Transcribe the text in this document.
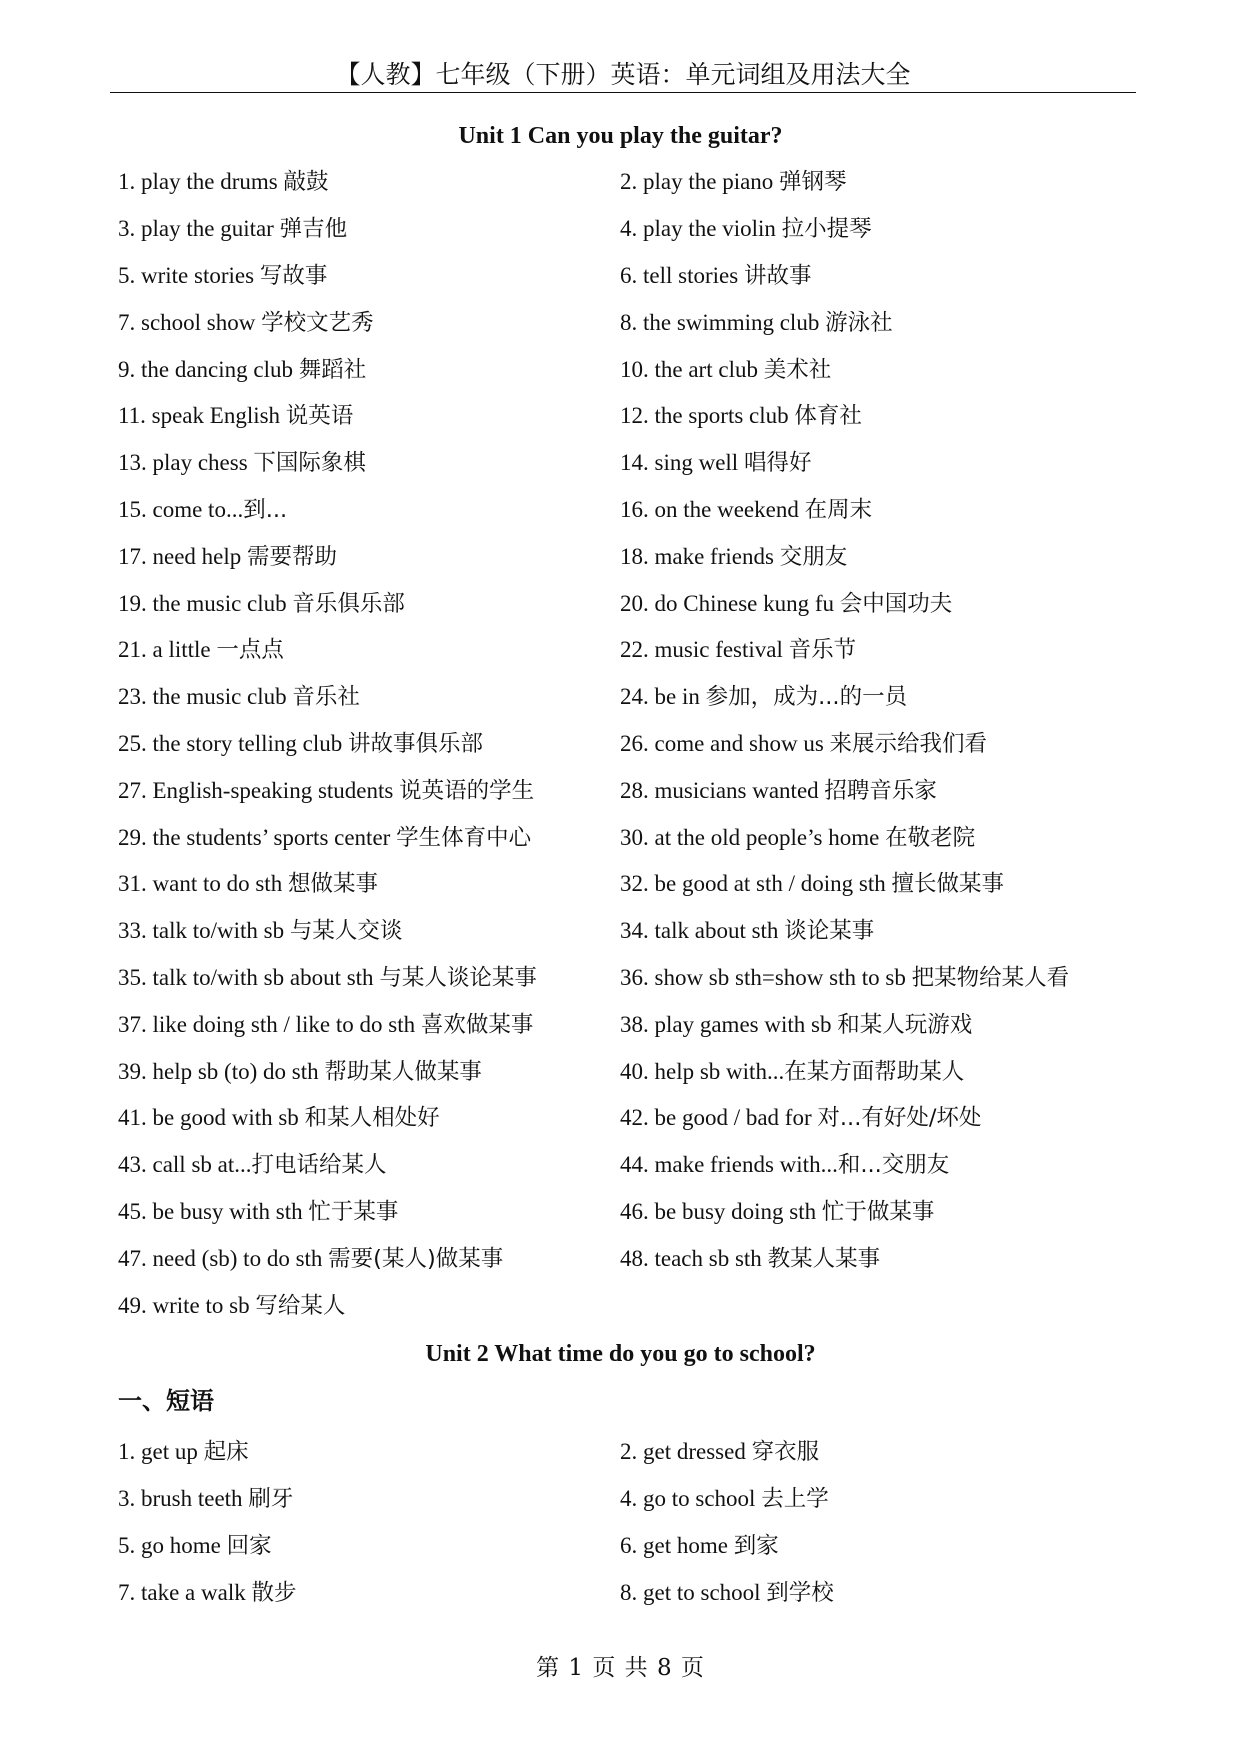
【人教】七年级（下册）英语：单元词组及用法大全
Unit 1 Can you play the guitar?
1. play the drums 敲鼓	2. play the piano 弹钢琴
3. play the guitar 弹吉他	4. play the violin 拉小提琴
5. write stories 写故事	6. tell stories 讲故事
7. school show 学校文艺秀	8. the swimming club 游泳社
9. the dancing club 舞蹈社	10. the art club 美术社
11. speak English 说英语	12. the sports club 体育社
13. play chess 下国际象棋	14. sing well 唱得好
15. come to...到...	16. on the weekend 在周末
17. need help 需要帮助	18. make friends 交朋友
19. the music club 音乐俱乐部	20. do Chinese kung fu 会中国功夫
21. a little 一点点	22. music festival 音乐节
23. the music club 音乐社	24. be in 参加，成为...的一员
25. the story telling club 讲故事俱乐部	26. come and show us 来展示给我们看
27. English-speaking students 说英语的学生	28. musicians wanted 招聘音乐家
29. the students’ sports center 学生体育中心	30. at the old people’s home 在敬老院
31. want to do sth 想做某事	32. be good at sth / doing sth 擅长做某事
33. talk to/with sb 与某人交谈	34. talk about sth 谈论某事
35. talk to/with sb about sth 与某人谈论某事	36. show sb sth=show sth to sb 把某物给某人看
37. like doing sth / like to do sth 喜欢做某事	38. play games with sb 和某人玩游戏
39. help sb (to) do sth 帮助某人做某事	40. help sb with...在某方面帮助某人
41. be good with sb 和某人相处好	42. be good / bad for 对...有好处/坏处
43. call sb at...打电话给某人	44. make friends with...和...交朋友
45. be busy with sth 忙于某事	46. be busy doing sth 忙于做某事
47. need (sb) to do sth 需要(某人)做某事	48. teach sb sth 教某人某事
49. write to sb 写给某人
Unit 2 What time do you go to school?
一、短语
1. get up 起床	2. get dressed 穿衣服
3. brush teeth 刷牙	4. go to school 去上学
5. go home 回家	6. get home 到家
7. take a walk 散步	8. get to school 到学校
第 1 页 共 8 页
